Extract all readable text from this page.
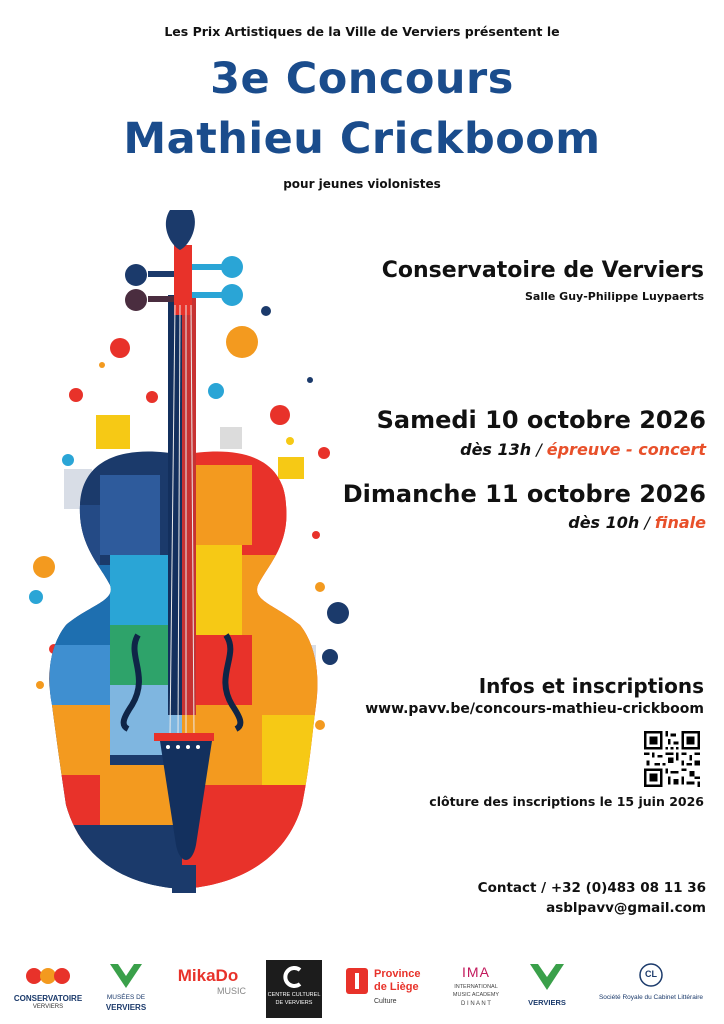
Les Prix Artistiques de la Ville de Verviers présentent le
3e Concours
Mathieu Crickboom
pour jeunes violonistes
Conservatoire de Verviers
Salle Guy-Philippe Luypaerts
Samedi 10 octobre 2026
dès 13h / épreuve - concert
Dimanche 11 octobre 2026
dès 10h / finale
Infos et inscriptions
www.pavv.be/concours-mathieu-crickboom
clôture des inscriptions le 15 juin 2026
Contact / +32 (0)483 08 11 36
asblpavv@gmail.com
CONSERVATOIRE
VERVIERS
MUSÉES DE
VERVIERS
MikaDo
MUSIC	CENTRE CULTUREL
DE VERVIERS
Province
de Liège
Culture
IMA
INTERNATIONAL
MUSIC ACADEMY
D I N A N T	VERVIERS
CL
Société Royale du Cabinet Littéraire
